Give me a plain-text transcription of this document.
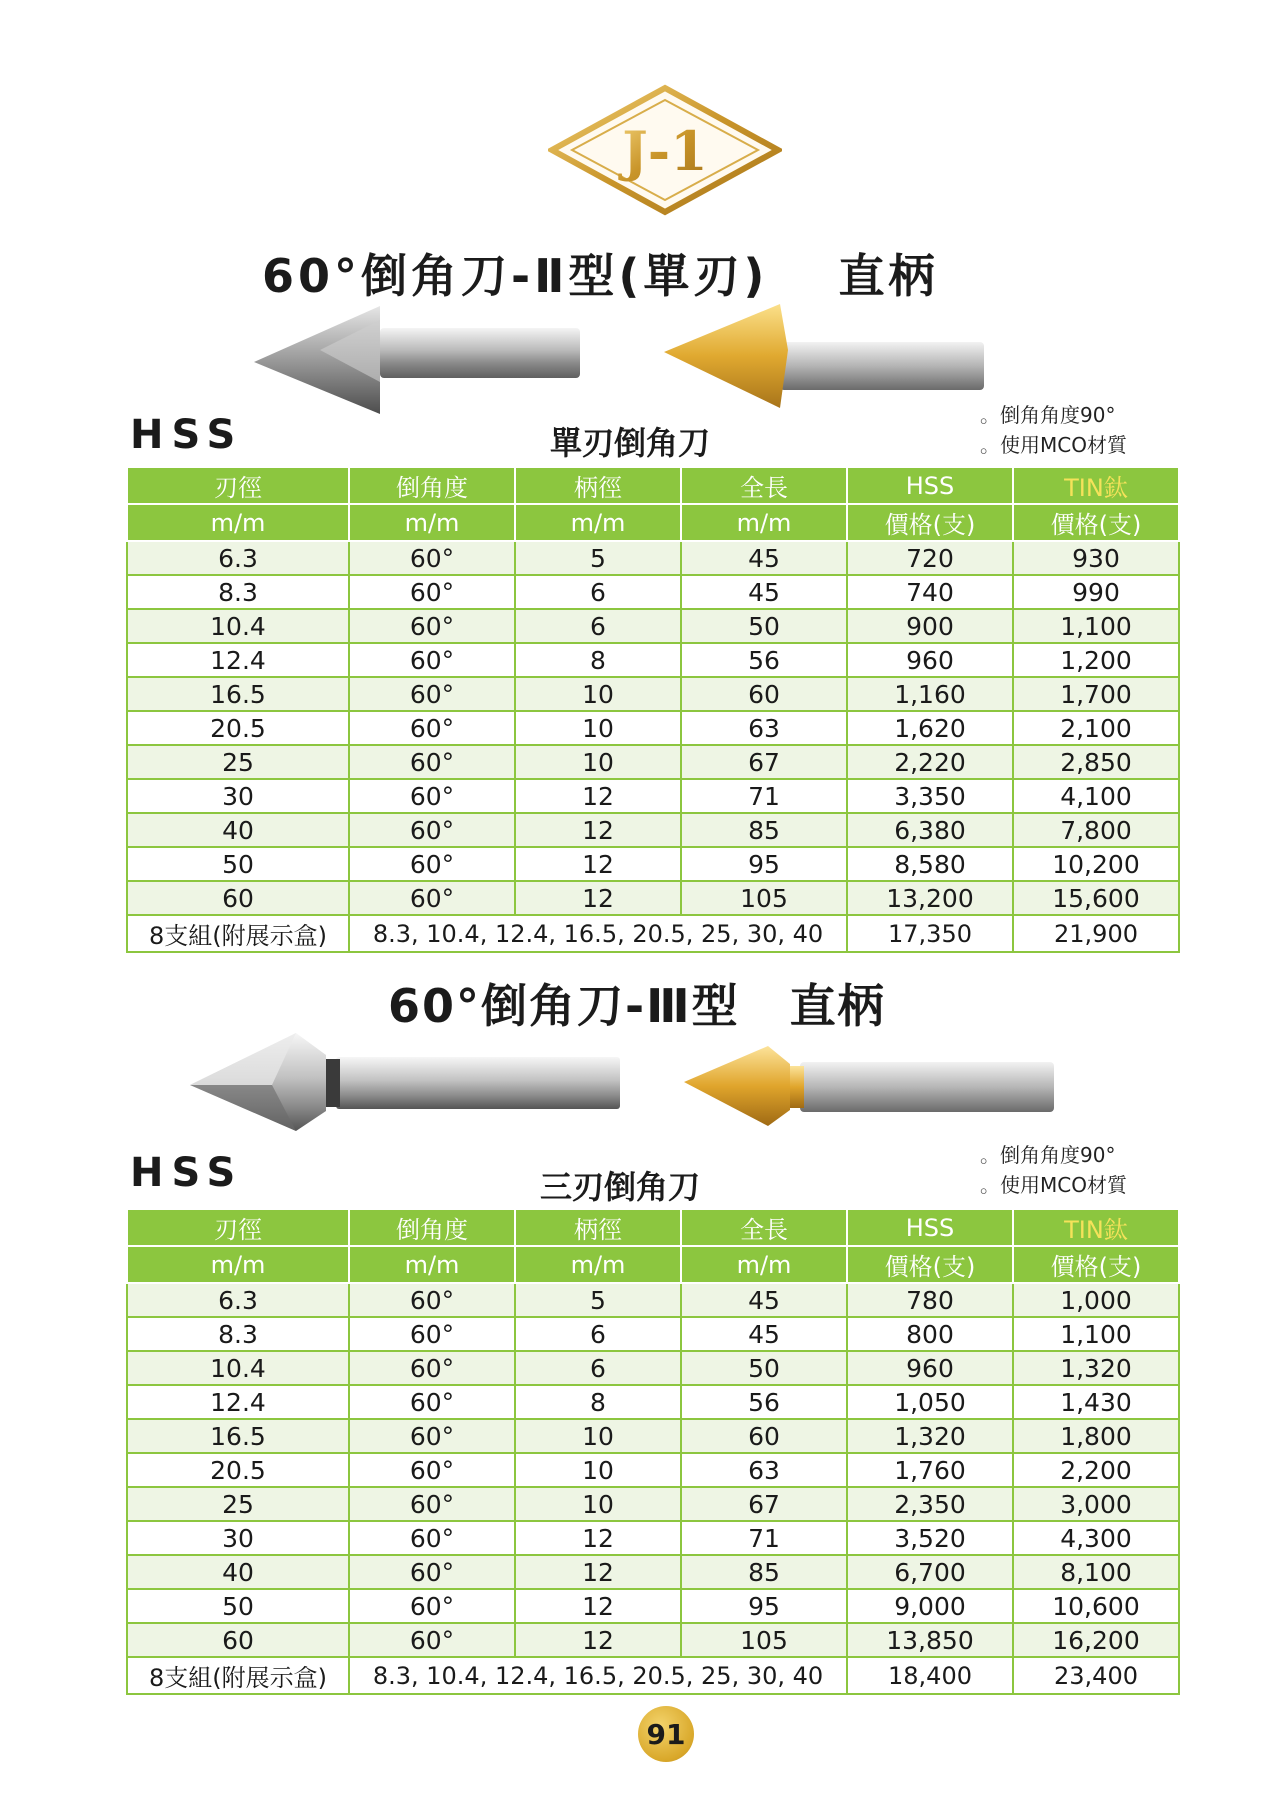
J-1
60°倒角刀-Ⅱ型(單刃) 直柄
HSS	單刃倒角刀
。 倒角角度90°
。 使用MCO材質
刃徑	倒角度	柄徑	全長	HSS	TIN鈦
m/m	m/m	m/m	m/m	價格(支)	價格(支)
6.3	60°	5	45	720	930
8.3	60°	6	45	740	990
10.4	60°	6	50	900	1,100
12.4	60°	8	56	960	1,200
16.5	60°	10	60	1,160	1,700
20.5	60°	10	63	1,620	2,100
25	60°	10	67	2,220	2,850
30	60°	12	71	3,350	4,100
40	60°	12	85	6,380	7,800
50	60°	12	95	8,580	10,200
60	60°	12	105	13,200	15,600
8支組(附展示盒)	8.3, 10.4, 12.4, 16.5, 20.5, 25, 30, 40			17,350	21,900
60°倒角刀-Ⅲ型 直柄
HSS	三刃倒角刀
。 倒角角度90°
。 使用MCO材質
刃徑	倒角度	柄徑	全長	HSS	TIN鈦
m/m	m/m	m/m	m/m	價格(支)	價格(支)
6.3	60°	5	45	780	1,000
8.3	60°	6	45	800	1,100
10.4	60°	6	50	960	1,320
12.4	60°	8	56	1,050	1,430
16.5	60°	10	60	1,320	1,800
20.5	60°	10	63	1,760	2,200
25	60°	10	67	2,350	3,000
30	60°	12	71	3,520	4,300
40	60°	12	85	6,700	8,100
50	60°	12	95	9,000	10,600
60	60°	12	105	13,850	16,200
8支組(附展示盒)	8.3, 10.4, 12.4, 16.5, 20.5, 25, 30, 40			18,400	23,400
91
